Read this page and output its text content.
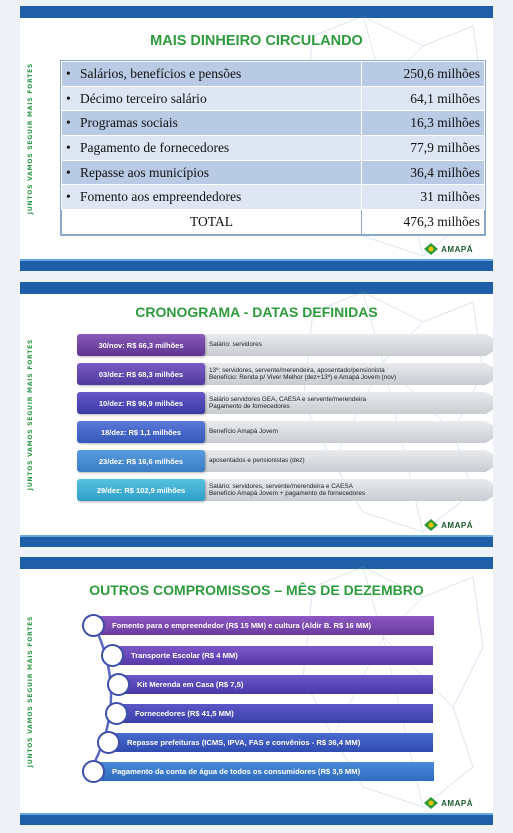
JUNTOS VAMOS SEGUIR MAIS FORTES
MAIS DINHEIRO CIRCULANDO
• Salários, benefícios e pensões	250,6 milhões
• Décimo terceiro salário	64,1 milhões
• Programas sociais	16,3 milhões
• Pagamento de fornecedores	77,9 milhões
• Repasse aos municípios	36,4 milhões
• Fomento aos empreendedores	31 milhões
TOTAL	476,3 milhões
AMAPÁ
JUNTOS VAMOS SEGUIR MAIS FORTES
CRONOGRAMA - DATAS DEFINIDAS
30/nov: R$ 66,3 milhões	Salário: servidores
03/dez: R$ 68,3 milhões	13º: servidores, servente/merendeira, aposentado/pensionista
Benefício: Renda p/ Viver Melhor (dez+13º) e Amapá Jovem (nov)
10/dez: R$ 96,9 milhões	Salário servidores GEA, CAESA e servente/merendeira
Pagamento de fornecedores
18/dez: R$ 1,1 milhões	Benefício Amapá Jovem
23/dez: R$ 16,6 milhões	aposentados e pensionistas (dez)
29/dez: R$ 102,9 milhões	Salário: servidores, servente/merendeira e CAESA
Benefício Amapá Jovem + pagamento de fornecedores
AMAPÁ
JUNTOS VAMOS SEGUIR MAIS FORTES
OUTROS COMPROMISSOS – MÊS DE DEZEMBRO
Fomento para o empreendedor (R$ 15 MM) e cultura (Aldir B. R$ 16 MM)
Transporte Escolar (R$ 4 MM)
Kit Merenda em Casa (R$ 7,5)
Fornecedores (R$ 41,5 MM)
Repasse prefeituras (ICMS, IPVA, FAS e convênios - R$ 36,4 MM)
Pagamento da conta de água de todos os consumidores (R$ 3,5 MM)
AMAPÁ
